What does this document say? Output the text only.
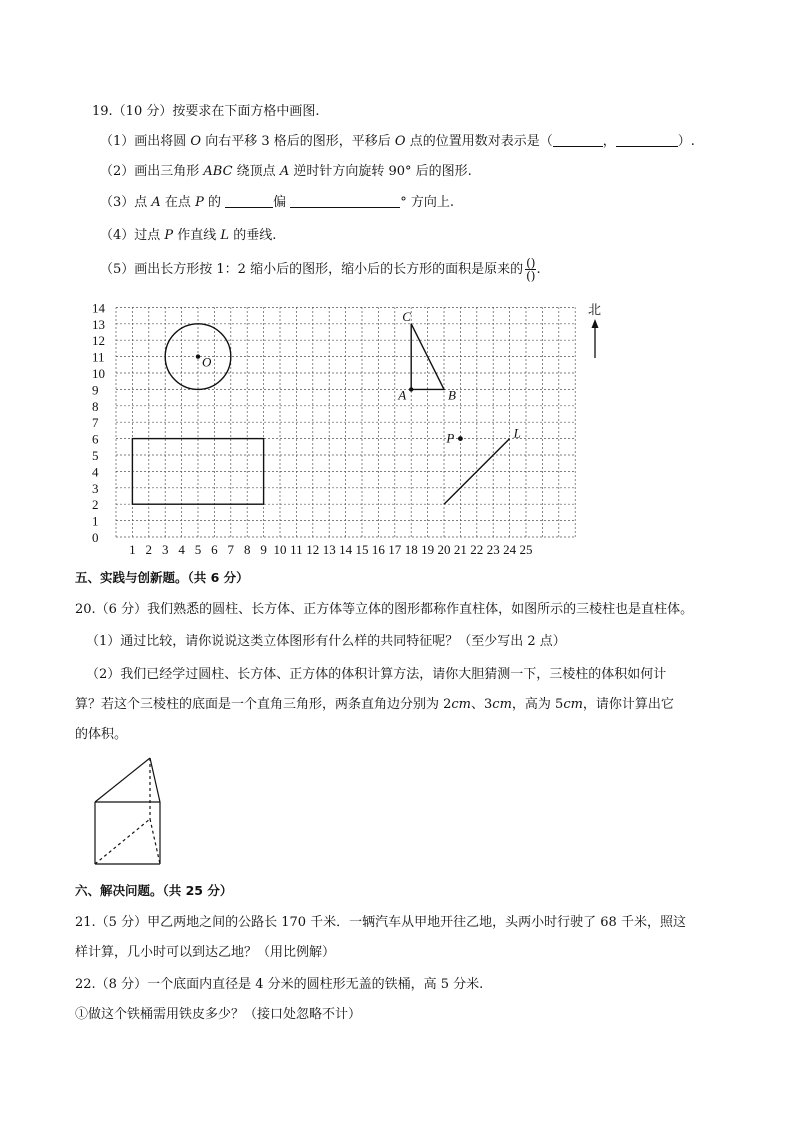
19.（10 分）按要求在下面方格中画图.
（1）画出将圆 O 向右平移 3 格后的图形，平移后 O 点的位置用数对表示是（	，	）.
（2）画出三角形 ABC 绕顶点 A 逆时针方向旋转 90° 后的图形.
（3）点 A 在点 P 的	偏	° 方向上.
（4）过点 P 作直线 L 的垂线.
（5）画出长方形按 1：2 缩小后的图形，缩小后的长方形的面积是原来的 $\frac{()}{()}$ .
0
1
2
3
4
5
6
7
8
9
10
11
12
13
14
1 2 3 4 5 6 7 8 9 10 11 12 13 14 15 16 17 18 19 20 21 22 23 24 25
O
A	B
C
P	L
北
五、实践与创新题。（共 6 分）
20.（6 分）我们熟悉的圆柱、长方体、正方体等立体的图形都称作直柱体，如图所示的三棱柱也是直柱体。
（1）通过比较，请你说说这类立体图形有什么样的共同特征呢？（至少写出 2 点）
（2）我们已经学过圆柱、长方体、正方体的体积计算方法，请你大胆猜测一下，三棱柱的体积如何计
算？若这个三棱柱的底面是一个直角三角形，两条直角边分别为 2cm、3cm，高为 5cm，请你计算出它
的体积。
六、解决问题。（共 25 分）
21.（5 分）甲乙两地之间的公路长 170 千米．一辆汽车从甲地开往乙地，头两小时行驶了 68 千米，照这
样计算，几小时可以到达乙地？（用比例解）
22.（8 分）一个底面内直径是 4 分米的圆柱形无盖的铁桶，高 5 分米.
①做这个铁桶需用铁皮多少？（接口处忽略不计）
